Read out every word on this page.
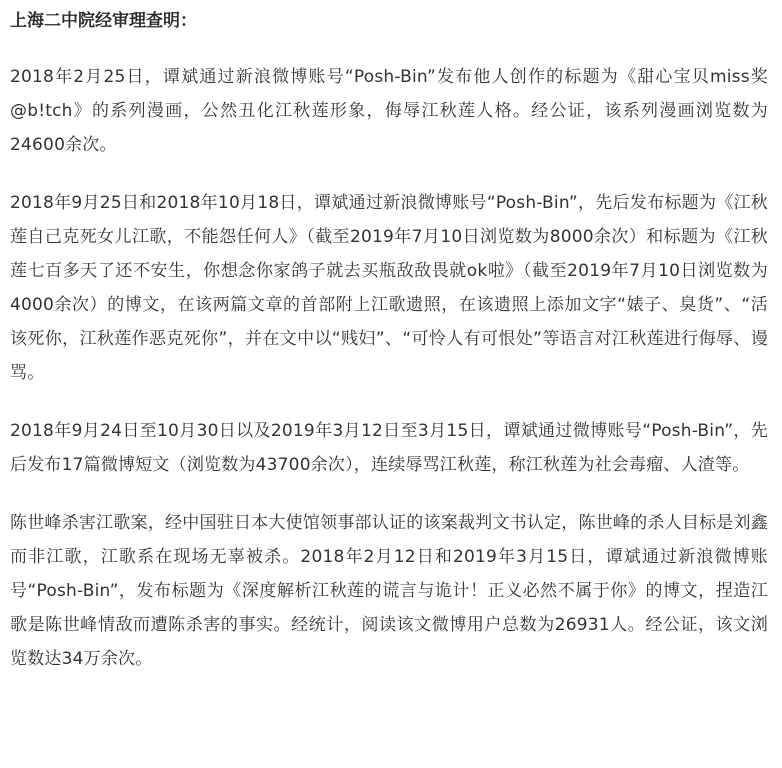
上海二中院经审理查明：

2018年2月25日，谭斌通过新浪微博账号“Posh-Bin”发布他人创作的标题为《甜心宝贝miss奖@b!tch》的系列漫画，公然丑化江秋莲形象，侮辱江秋莲人格。经公证，该系列漫画浏览数为24600余次。

2018年9月25日和2018年10月18日，谭斌通过新浪微博账号“Posh-Bin”，先后发布标题为《江秋莲自己克死女儿江歌，不能怨任何人》（截至2019年7月10日浏览数为8000余次）和标题为《江秋莲七百多天了还不安生，你想念你家鸽子就去买瓶敌敌畏就ok啦》（截至2019年7月10日浏览数为4000余次）的博文，在该两篇文章的首部附上江歌遗照，在该遗照上添加文字“婊子、臭货”、“活该死你，江秋莲作恶克死你”，并在文中以“贱妇”、“可怜人有可恨处”等语言对江秋莲进行侮辱、谩骂。

2018年9月24日至10月30日以及2019年3月12日至3月15日，谭斌通过微博账号“Posh-Bin”，先后发布17篇微博短文（浏览数为43700余次），连续辱骂江秋莲，称江秋莲为社会毒瘤、人渣等。

陈世峰杀害江歌案，经中国驻日本大使馆领事部认证的该案裁判文书认定，陈世峰的杀人目标是刘鑫而非江歌，江歌系在现场无辜被杀。2018年2月12日和2019年3月15日，谭斌通过新浪微博账号“Posh-Bin”，发布标题为《深度解析江秋莲的谎言与诡计！正义必然不属于你》的博文，捏造江歌是陈世峰情敌而遭陈杀害的事实。经统计，阅读该文微博用户总数为26931人。经公证，该文浏览数达34万余次。
